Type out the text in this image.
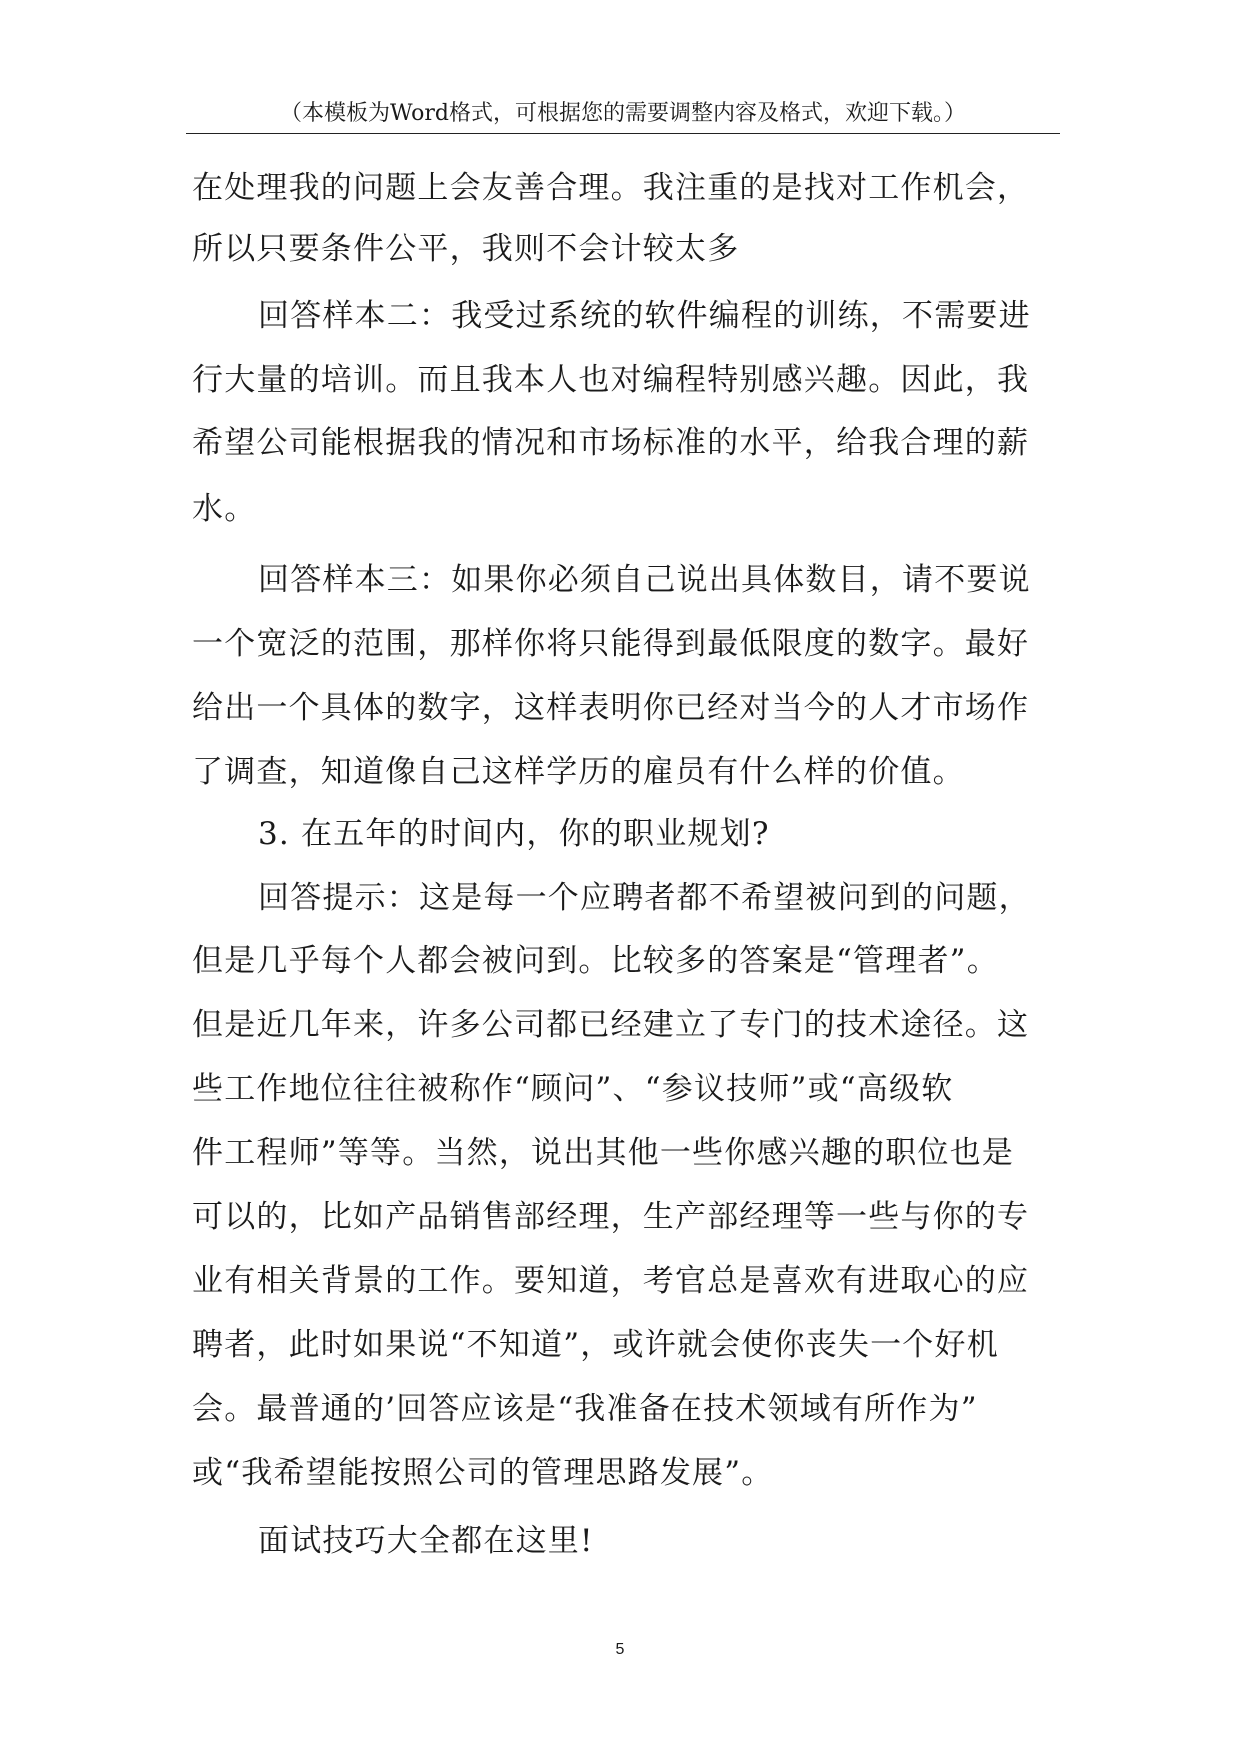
（本模板为Word格式，可根据您的需要调整内容及格式，欢迎下载。）
在处理我的问题上会友善合理。我注重的是找对工作机会，
所以只要条件公平，我则不会计较太多
回答样本二：我受过系统的软件编程的训练，不需要进
行大量的培训。而且我本人也对编程特别感兴趣。因此，我
希望公司能根据我的情况和市场标准的水平，给我合理的薪
水。
回答样本三：如果你必须自己说出具体数目，请不要说
一个宽泛的范围，那样你将只能得到最低限度的数字。最好
给出一个具体的数字，这样表明你已经对当今的人才市场作
了调查，知道像自己这样学历的雇员有什么样的价值。
3. 在五年的时间内，你的职业规划?
回答提示：这是每一个应聘者都不希望被问到的问题，
但是几乎每个人都会被问到。比较多的答案是“管理者”。
但是近几年来，许多公司都已经建立了专门的技术途径。这
些工作地位往往被称作“顾问”、“参议技师”或“高级软
件工程师”等等。当然，说出其他一些你感兴趣的职位也是
可以的，比如产品销售部经理，生产部经理等一些与你的专
业有相关背景的工作。要知道，考官总是喜欢有进取心的应
聘者，此时如果说“不知道”，或许就会使你丧失一个好机
会。最普通的’回答应该是“我准备在技术领域有所作为”
或“我希望能按照公司的管理思路发展”。
面试技巧大全都在这里!
5
